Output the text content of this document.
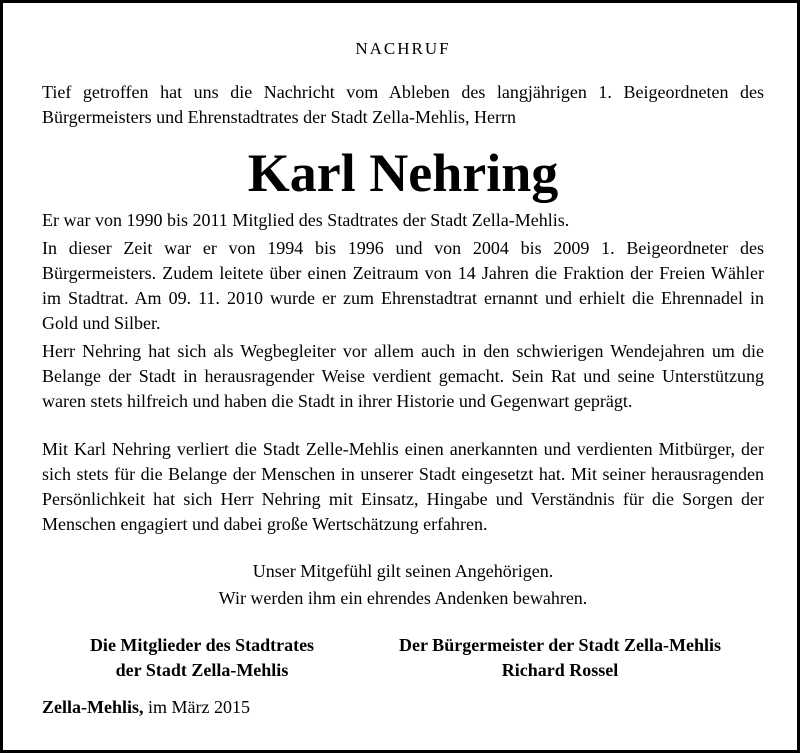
NACHRUF
Tief getroffen hat uns die Nachricht vom Ableben des langjährigen 1. Beigeordneten des Bürgermeisters und Ehrenstadtrates der Stadt Zella-Mehlis, Herrn
Karl Nehring
Er war von 1990 bis 2011 Mitglied des Stadtrates der Stadt Zella-Mehlis.
In dieser Zeit war er von 1994 bis 1996 und von 2004 bis 2009 1. Beigeordneter des Bürgermeisters. Zudem leitete über einen Zeitraum von 14 Jahren die Fraktion der Freien Wähler im Stadtrat. Am 09. 11. 2010 wurde er zum Ehrenstadtrat ernannt und erhielt die Ehrennadel in Gold und Silber.
Herr Nehring hat sich als Wegbegleiter vor allem auch in den schwierigen Wendejahren um die Belange der Stadt in herausragender Weise verdient gemacht. Sein Rat und seine Unterstützung waren stets hilfreich und haben die Stadt in ihrer Historie und Gegenwart geprägt.
Mit Karl Nehring verliert die Stadt Zelle-Mehlis einen anerkannten und verdienten Mitbürger, der sich stets für die Belange der Menschen in unserer Stadt eingesetzt hat. Mit seiner herausragenden Persönlichkeit hat sich Herr Nehring mit Einsatz, Hingabe und Verständnis für die Sorgen der Menschen engagiert und dabei große Wertschätzung erfahren.
Unser Mitgefühl gilt seinen Angehörigen.
Wir werden ihm ein ehrendes Andenken bewahren.
Die Mitglieder des Stadtrates
der Stadt Zella-Mehlis
Der Bürgermeister der Stadt Zella-Mehlis
Richard Rossel
Zella-Mehlis, im März 2015
